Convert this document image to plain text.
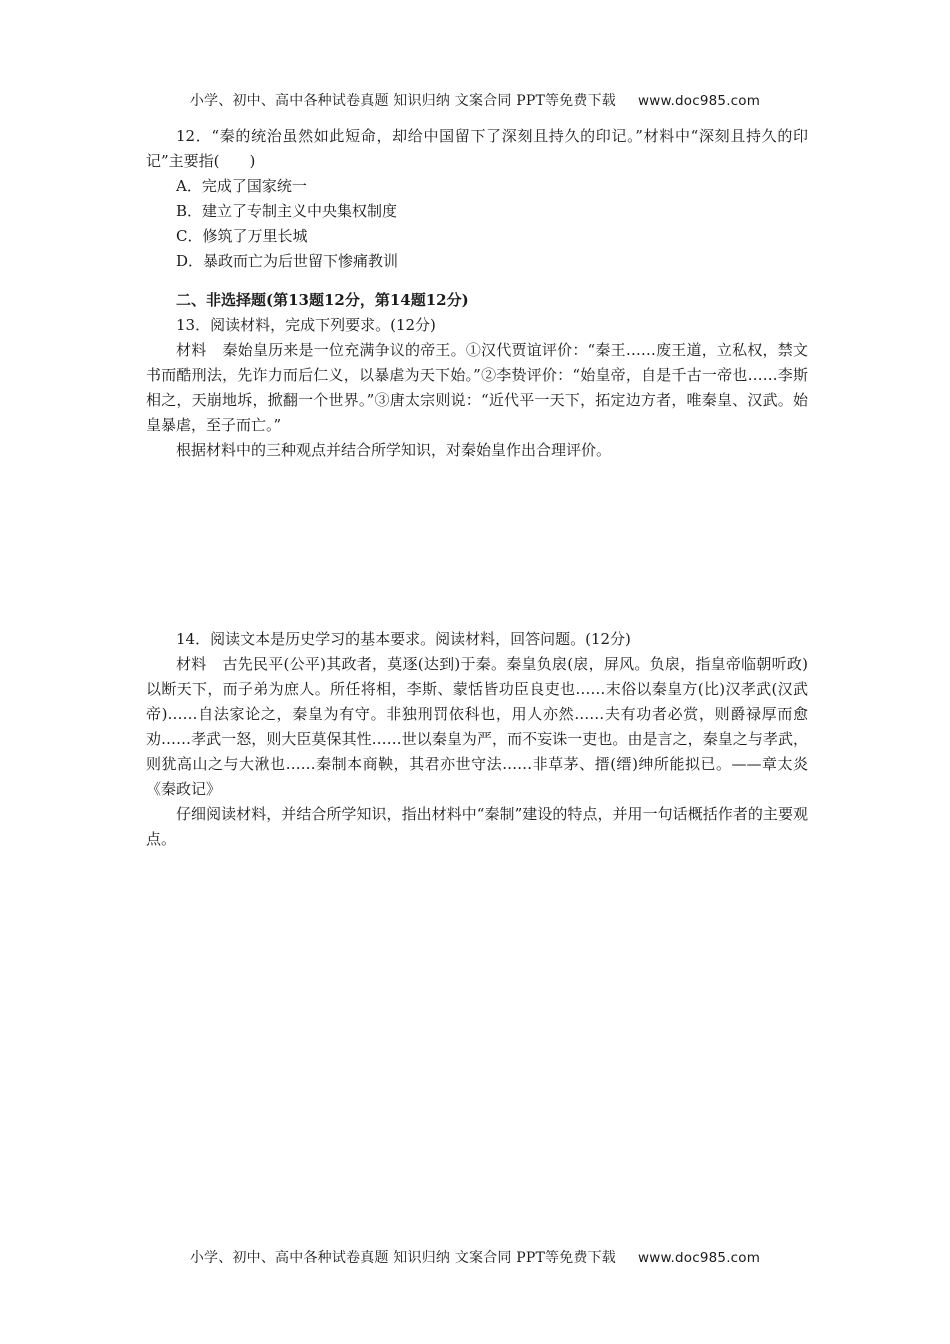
小学、初中、高中各种试卷真题 知识归纳 文案合同 PPT等免费下载 www.doc985.com

12．“秦的统治虽然如此短命，却给中国留下了深刻且持久的印记。”材料中“深刻且持久的印记”主要指(　　)

A．完成了国家统一

B．建立了专制主义中央集权制度

C．修筑了万里长城

D．暴政而亡为后世留下惨痛教训

二、非选择题(第13题12分，第14题12分)

13．阅读材料，完成下列要求。(12分)

材料 秦始皇历来是一位充满争议的帝王。①汉代贾谊评价：“秦王……废王道，立私权，禁文书而酷刑法，先诈力而后仁义，以暴虐为天下始。”②李贽评价：“始皇帝，自是千古一帝也……李斯相之，天崩地坼，掀翻一个世界。”③唐太宗则说：“近代平一天下，拓定边方者，唯秦皇、汉武。始皇暴虐，至子而亡。”

根据材料中的三种观点并结合所学知识，对秦始皇作出合理评价。

14．阅读文本是历史学习的基本要求。阅读材料，回答问题。(12分)

材料 古先民平(公平)其政者，莫逐(达到)于秦。秦皇负扆(扆，屏风。负扆，指皇帝临朝听政)以断天下，而子弟为庶人。所任将相，李斯、蒙恬皆功臣良吏也……末俗以秦皇方(比)汉孝武(汉武帝)……自法家论之，秦皇为有守。非独刑罚依科也，用人亦然……夫有功者必赏，则爵禄厚而愈劝……孝武一怒，则大臣莫保其性……世以秦皇为严，而不妄诛一吏也。由是言之，秦皇之与孝武，则犹高山之与大湫也……秦制本商鞅，其君亦世守法……非草茅、搢(缙)绅所能拟已。——章太炎《秦政记》

仔细阅读材料，并结合所学知识，指出材料中“秦制”建设的特点，并用一句话概括作者的主要观点。

小学、初中、高中各种试卷真题 知识归纳 文案合同 PPT等免费下载 www.doc985.com
